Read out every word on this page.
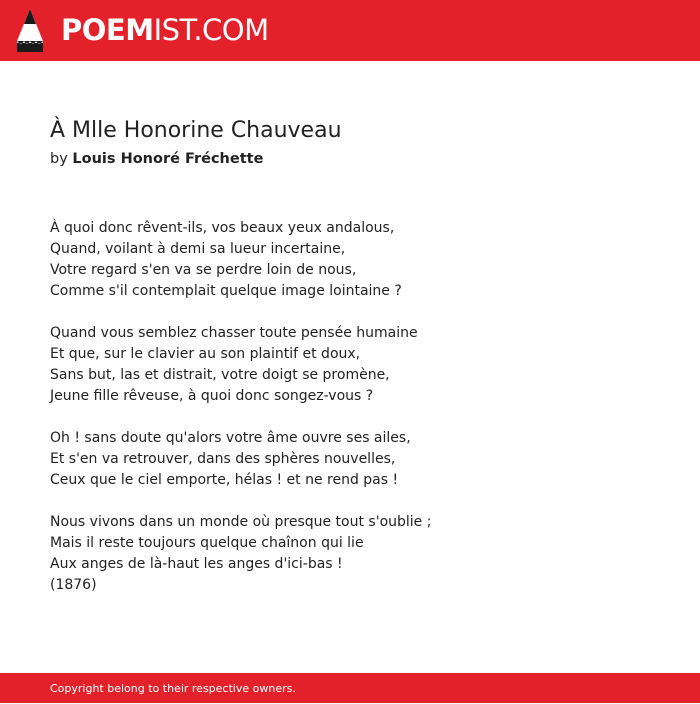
POEMIST.COM
À Mlle Honorine Chauveau
by Louis Honoré Fréchette
À quoi donc rêvent-ils, vos beaux yeux andalous,
Quand, voilant à demi sa lueur incertaine,
Votre regard s'en va se perdre loin de nous,
Comme s'il contemplait quelque image lointaine ?
Quand vous semblez chasser toute pensée humaine
Et que, sur le clavier au son plaintif et doux,
Sans but, las et distrait, votre doigt se promène,
Jeune fille rêveuse, à quoi donc songez-vous ?
Oh ! sans doute qu'alors votre âme ouvre ses ailes,
Et s'en va retrouver, dans des sphères nouvelles,
Ceux que le ciel emporte, hélas ! et ne rend pas !
Nous vivons dans un monde où presque tout s'oublie ;
Mais il reste toujours quelque chaînon qui lie
Aux anges de là-haut les anges d'ici-bas !
(1876)
Copyright belong to their respective owners.
